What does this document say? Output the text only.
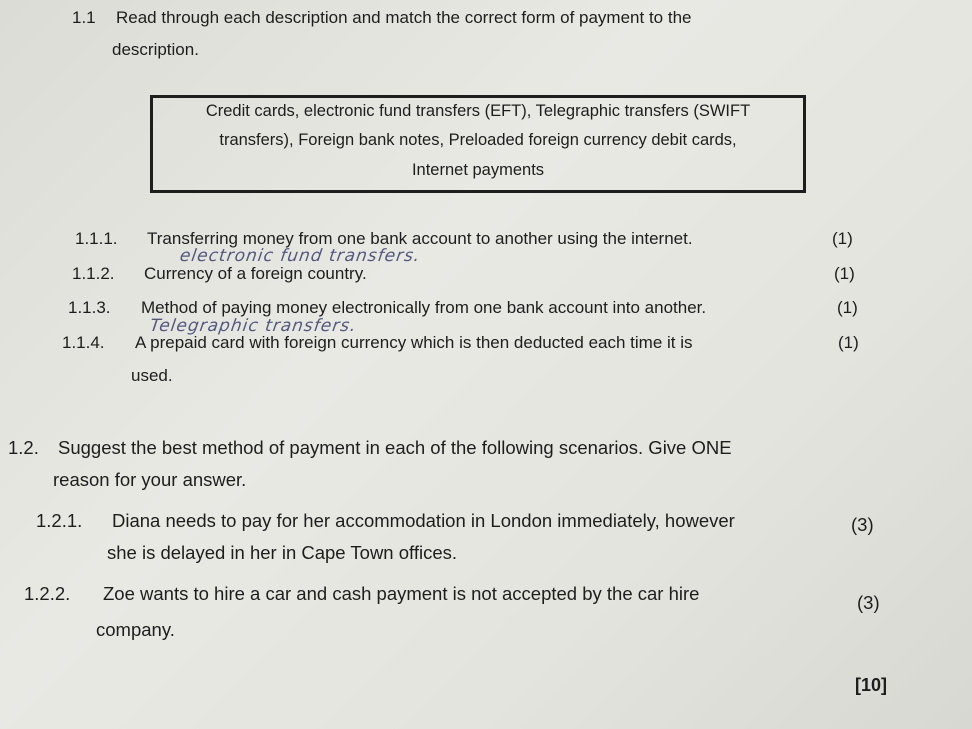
1.1 Read through each description and match the correct form of payment to the
description.
Credit cards, electronic fund transfers (EFT), Telegraphic transfers (SWIFT
transfers), Foreign bank notes, Preloaded foreign currency debit cards,
Internet payments
1.1.1. Transferring money from one bank account to another using the internet.	(1)
electronic fund transfers.
1.1.2. Currency of a foreign country.	(1)
1.1.3. Method of paying money electronically from one bank account into another.	(1)
Telegraphic transfers.
1.1.4. A prepaid card with foreign currency which is then deducted each time it is	(1)
used.
1.2. Suggest the best method of payment in each of the following scenarios. Give ONE
reason for your answer.
1.2.1. Diana needs to pay for her accommodation in London immediately, however	(3)
she is delayed in her in Cape Town offices.
1.2.2. Zoe wants to hire a car and cash payment is not accepted by the car hire	(3)
company.
[10]
